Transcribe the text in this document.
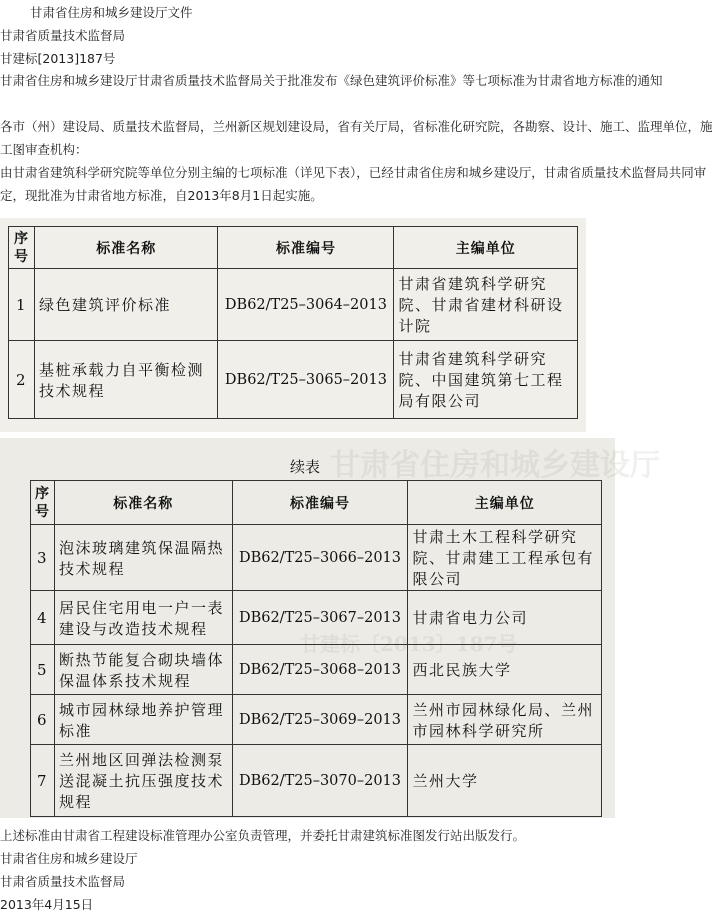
甘肃省住房和城乡建设厅文件
甘肃省质量技术监督局
甘建标[2013]187号
甘肃省住房和城乡建设厅甘肃省质量技术监督局关于批准发布《绿色建筑评价标准》等七项标准为甘肃省地方标准的通知
各市（州）建设局、质量技术监督局，兰州新区规划建设局，省有关厅局，省标准化研究院，各勘察、设计、施工、监理单位，施工图审查机构：
由甘肃省建筑科学研究院等单位分别主编的七项标准（详见下表），已经甘肃省住房和城乡建设厅，甘肃省质量技术监督局共同审定，现批准为甘肃省地方标准，自2013年8月1日起实施。
序号	标准名称	标准编号	主编单位
1	绿色建筑评价标准	DB62/T25–3064–2013	甘肃省建筑科学研究院、甘肃省建材科研设计院
2	基桩承载力自平衡检测技术规程	DB62/T25–3065–2013	甘肃省建筑科学研究院、中国建筑第七工程局有限公司
甘肃省住房和城乡建设厅
甘建标〔2013〕187号
续表
序号	标准名称	标准编号	主编单位
3	泡沫玻璃建筑保温隔热技术规程	DB62/T25–3066–2013	甘肃土木工程科学研究院、甘肃建工工程承包有限公司
4	居民住宅用电一户一表建设与改造技术规程	DB62/T25–3067–2013	甘肃省电力公司
5	断热节能复合砌块墙体保温体系技术规程	DB62/T25–3068–2013	西北民族大学
6	城市园林绿地养护管理标准	DB62/T25–3069–2013	兰州市园林绿化局、兰州市园林科学研究所
7	兰州地区回弹法检测泵送混凝土抗压强度技术规程	DB62/T25–3070–2013	兰州大学
上述标准由甘肃省工程建设标准管理办公室负责管理，并委托甘肃建筑标准图发行站出版发行。
甘肃省住房和城乡建设厅
甘肃省质量技术监督局
2013年4月15日
